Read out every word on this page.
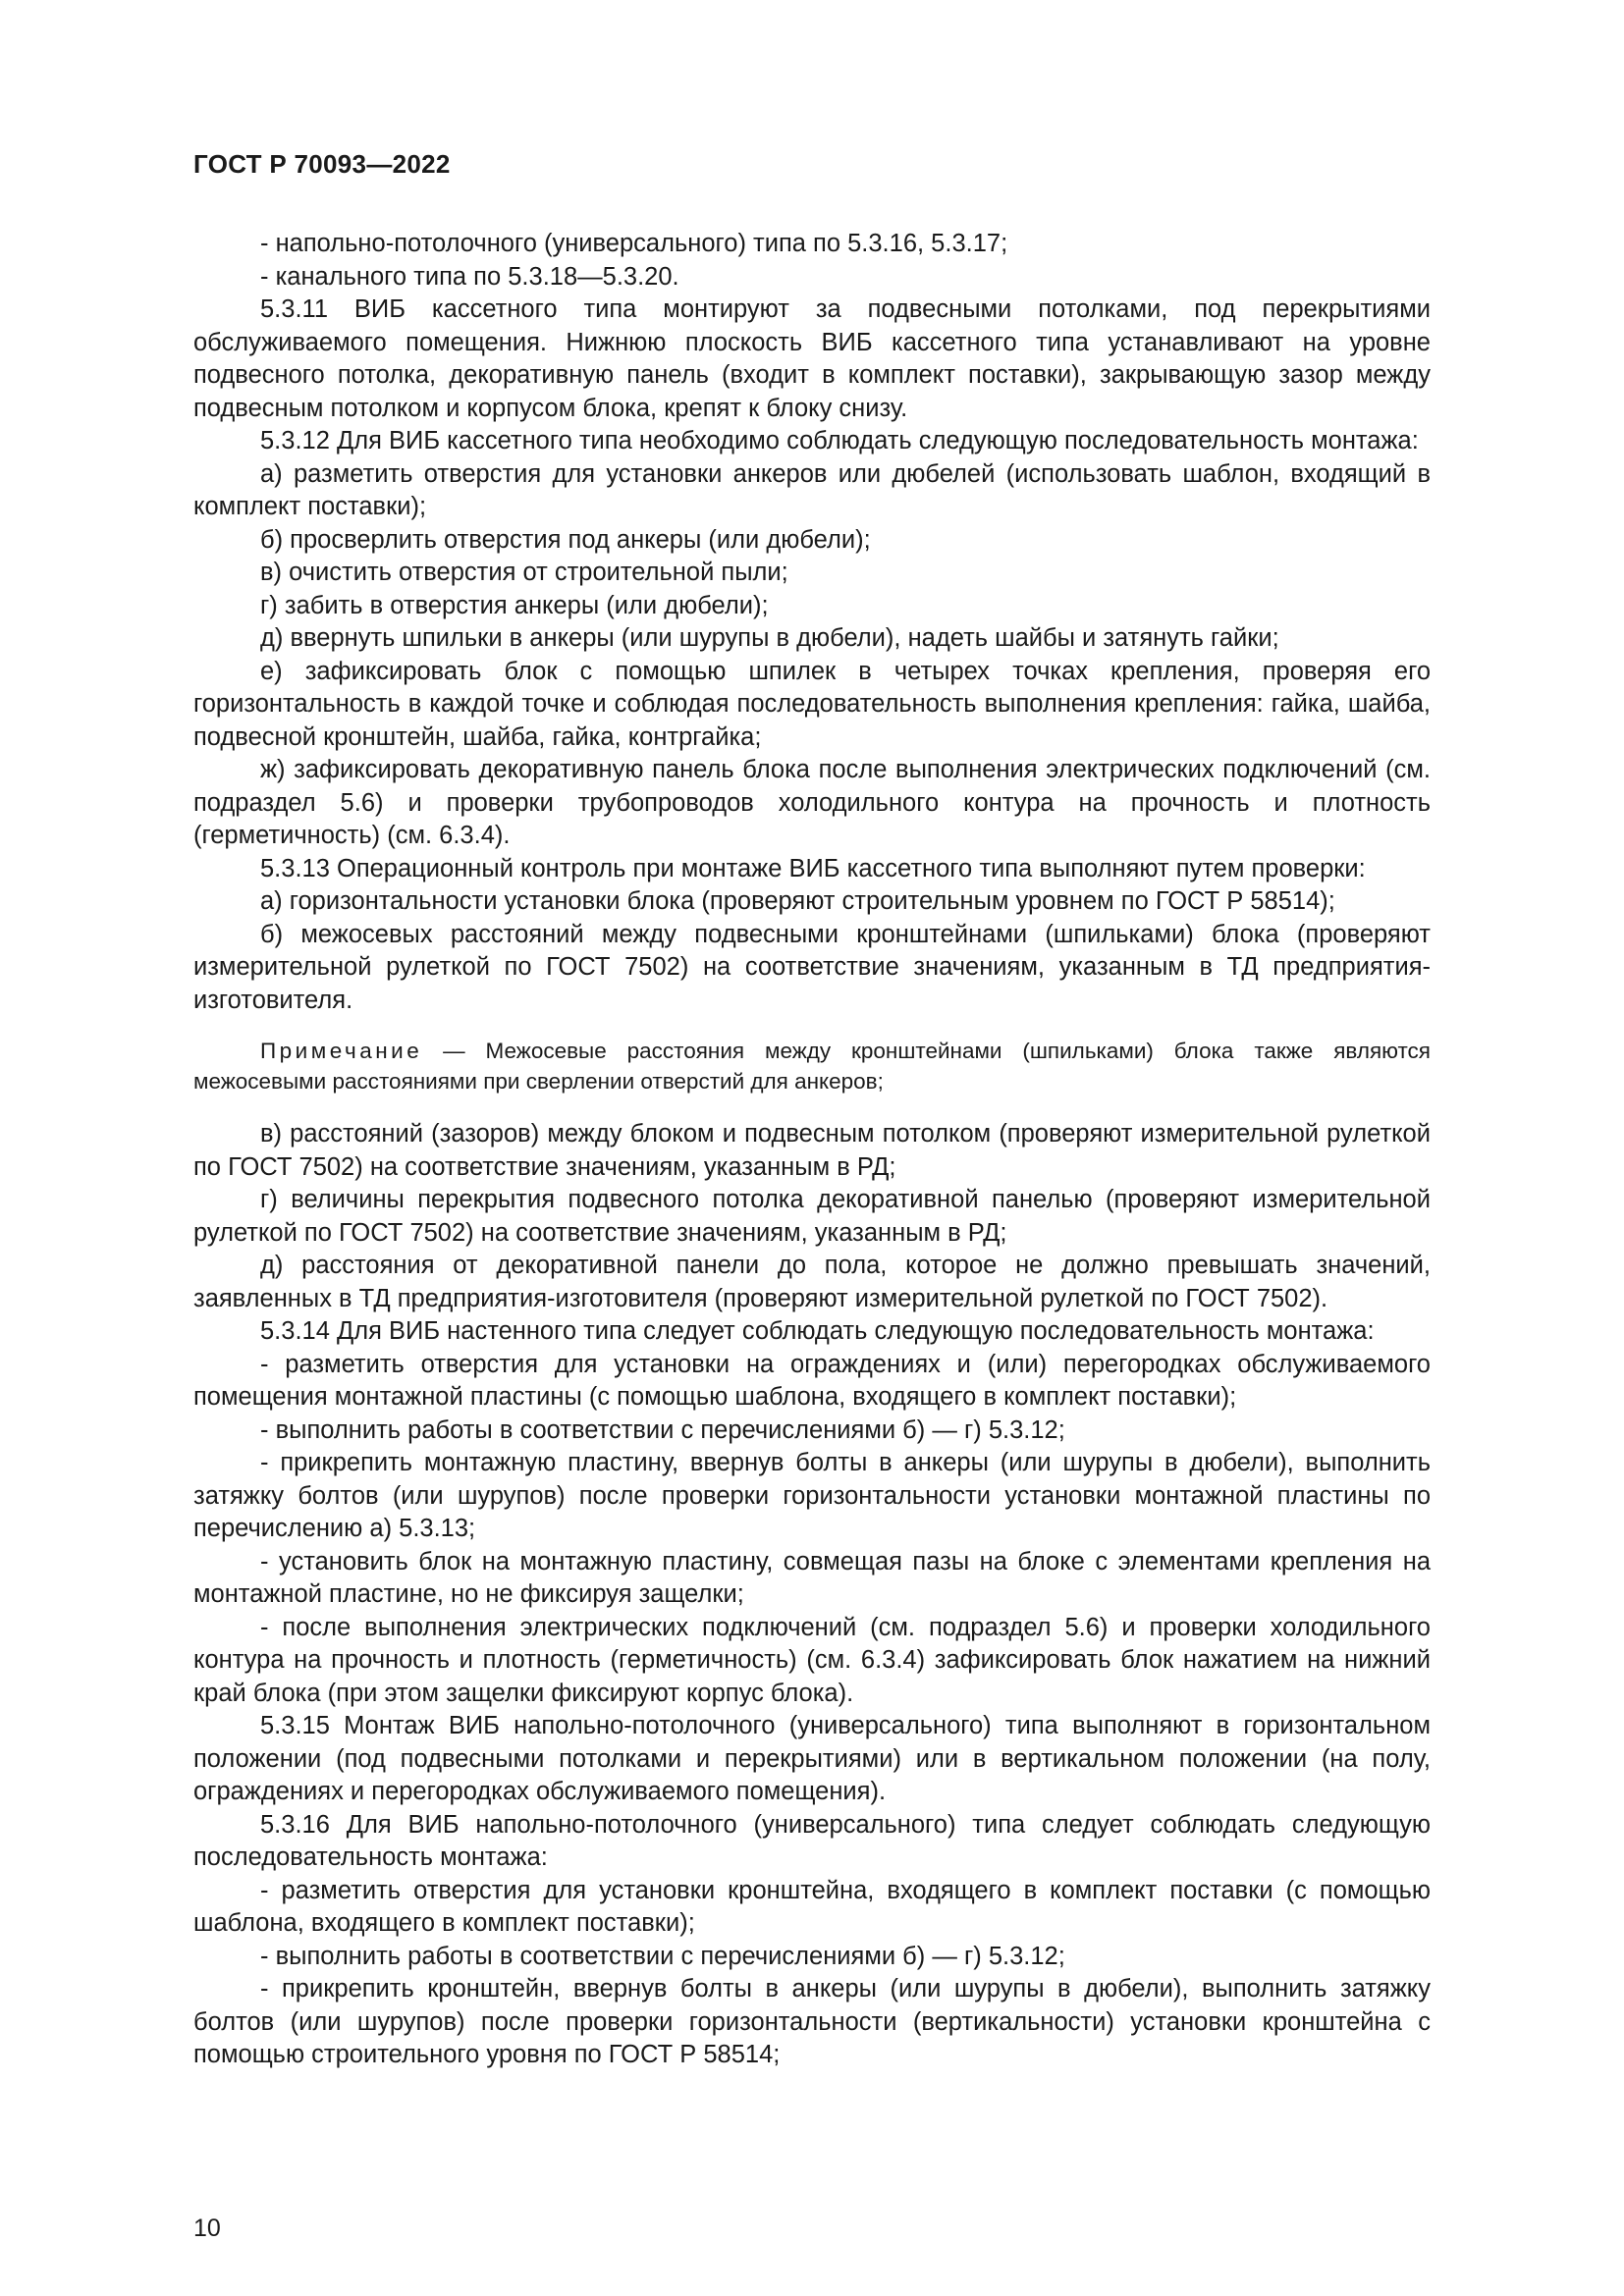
ГОСТ Р 70093—2022

- напольно-потолочного (универсального) типа по 5.3.16, 5.3.17;

- канального типа по 5.3.18—5.3.20.

5.3.11 ВИБ кассетного типа монтируют за подвесными потолками, под перекрытиями обслуживаемого помещения. Нижнюю плоскость ВИБ кассетного типа устанавливают на уровне подвесного потолка, декоративную панель (входит в комплект поставки), закрывающую зазор между подвесным потолком и корпусом блока, крепят к блоку снизу.

5.3.12 Для ВИБ кассетного типа необходимо соблюдать следующую последовательность монтажа:

а) разметить отверстия для установки анкеров или дюбелей (использовать шаблон, входящий в комплект поставки);

б) просверлить отверстия под анкеры (или дюбели);

в) очистить отверстия от строительной пыли;

г) забить в отверстия анкеры (или дюбели);

д) ввернуть шпильки в анкеры (или шурупы в дюбели), надеть шайбы и затянуть гайки;

е) зафиксировать блок с помощью шпилек в четырех точках крепления, проверяя его горизонтальность в каждой точке и соблюдая последовательность выполнения крепления: гайка, шайба, подвесной кронштейн, шайба, гайка, контргайка;

ж) зафиксировать декоративную панель блока после выполнения электрических подключений (см. подраздел 5.6) и проверки трубопроводов холодильного контура на прочность и плотность (герметичность) (см. 6.3.4).

5.3.13 Операционный контроль при монтаже ВИБ кассетного типа выполняют путем проверки:

а) горизонтальности установки блока (проверяют строительным уровнем по ГОСТ Р 58514);

б) межосевых расстояний между подвесными кронштейнами (шпильками) блока (проверяют измерительной рулеткой по ГОСТ 7502) на соответствие значениям, указанным в ТД предприятия-изготовителя.

Примечание — Межосевые расстояния между кронштейнами (шпильками) блока также являются межосевыми расстояниями при сверлении отверстий для анкеров;

в) расстояний (зазоров) между блоком и подвесным потолком (проверяют измерительной рулеткой по ГОСТ 7502) на соответствие значениям, указанным в РД;

г) величины перекрытия подвесного потолка декоративной панелью (проверяют измерительной рулеткой по ГОСТ 7502) на соответствие значениям, указанным в РД;

д) расстояния от декоративной панели до пола, которое не должно превышать значений, заявленных в ТД предприятия-изготовителя (проверяют измерительной рулеткой по ГОСТ 7502).

5.3.14 Для ВИБ настенного типа следует соблюдать следующую последовательность монтажа:

- разметить отверстия для установки на ограждениях и (или) перегородках обслуживаемого помещения монтажной пластины (с помощью шаблона, входящего в комплект поставки);

- выполнить работы в соответствии с перечислениями б) — г) 5.3.12;

- прикрепить монтажную пластину, ввернув болты в анкеры (или шурупы в дюбели), выполнить затяжку болтов (или шурупов) после проверки горизонтальности установки монтажной пластины по перечислению а) 5.3.13;

- установить блок на монтажную пластину, совмещая пазы на блоке с элементами крепления на монтажной пластине, но не фиксируя защелки;

- после выполнения электрических подключений (см. подраздел 5.6) и проверки холодильного контура на прочность и плотность (герметичность) (см. 6.3.4) зафиксировать блок нажатием на нижний край блока (при этом защелки фиксируют корпус блока).

5.3.15 Монтаж ВИБ напольно-потолочного (универсального) типа выполняют в горизонтальном положении (под подвесными потолками и перекрытиями) или в вертикальном положении (на полу, ограждениях и перегородках обслуживаемого помещения).

5.3.16 Для ВИБ напольно-потолочного (универсального) типа следует соблюдать следующую последовательность монтажа:

- разметить отверстия для установки кронштейна, входящего в комплект поставки (с помощью шаблона, входящего в комплект поставки);

- выполнить работы в соответствии с перечислениями б) — г) 5.3.12;

- прикрепить кронштейн, ввернув болты в анкеры (или шурупы в дюбели), выполнить затяжку болтов (или шурупов) после проверки горизонтальности (вертикальности) установки кронштейна с помощью строительного уровня по ГОСТ Р 58514;

10
